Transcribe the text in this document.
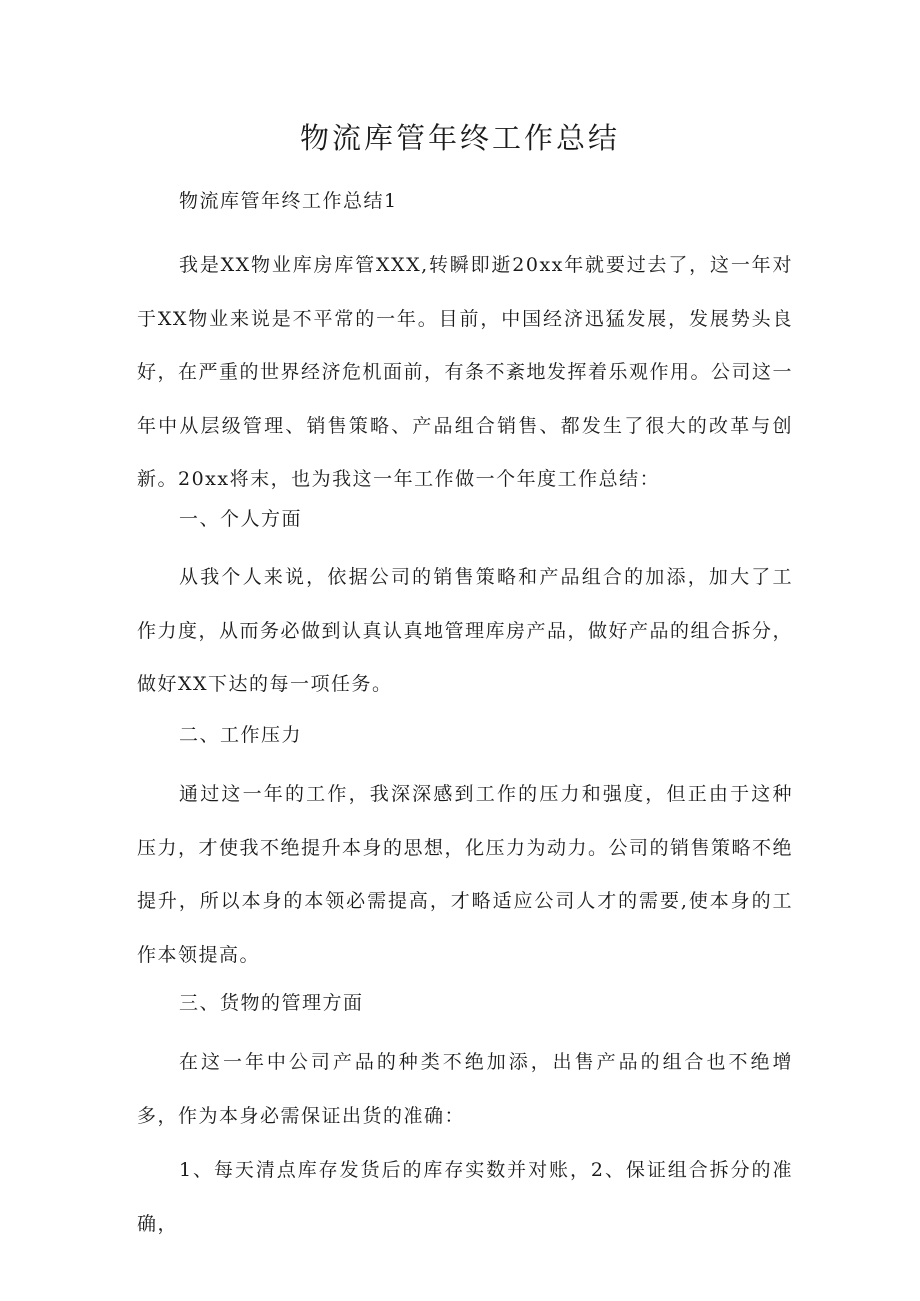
物流库管年终工作总结

物流库管年终工作总结1

我是XX物业库房库管XXX,转瞬即逝20xx年就要过去了，这一年对于XX物业来说是不平常的一年。目前，中国经济迅猛发展，发展势头良好，在严重的世界经济危机面前，有条不紊地发挥着乐观作用。公司这一年中从层级管理、销售策略、产品组合销售、都发生了很大的改革与创新。20xx将末，也为我这一年工作做一个年度工作总结：

一、个人方面

从我个人来说，依据公司的销售策略和产品组合的加添，加大了工作力度，从而务必做到认真认真地管理库房产品，做好产品的组合拆分，做好XX下达的每一项任务。

二、工作压力

通过这一年的工作，我深深感到工作的压力和强度，但正由于这种压力，才使我不绝提升本身的思想，化压力为动力。公司的销售策略不绝提升，所以本身的本领必需提高，才略适应公司人才的需要,使本身的工作本领提高。

三、货物的管理方面

在这一年中公司产品的种类不绝加添，出售产品的组合也不绝增多，作为本身必需保证出货的准确：

1、每天清点库存发货后的库存实数并对账，2、保证组合拆分的准确，
